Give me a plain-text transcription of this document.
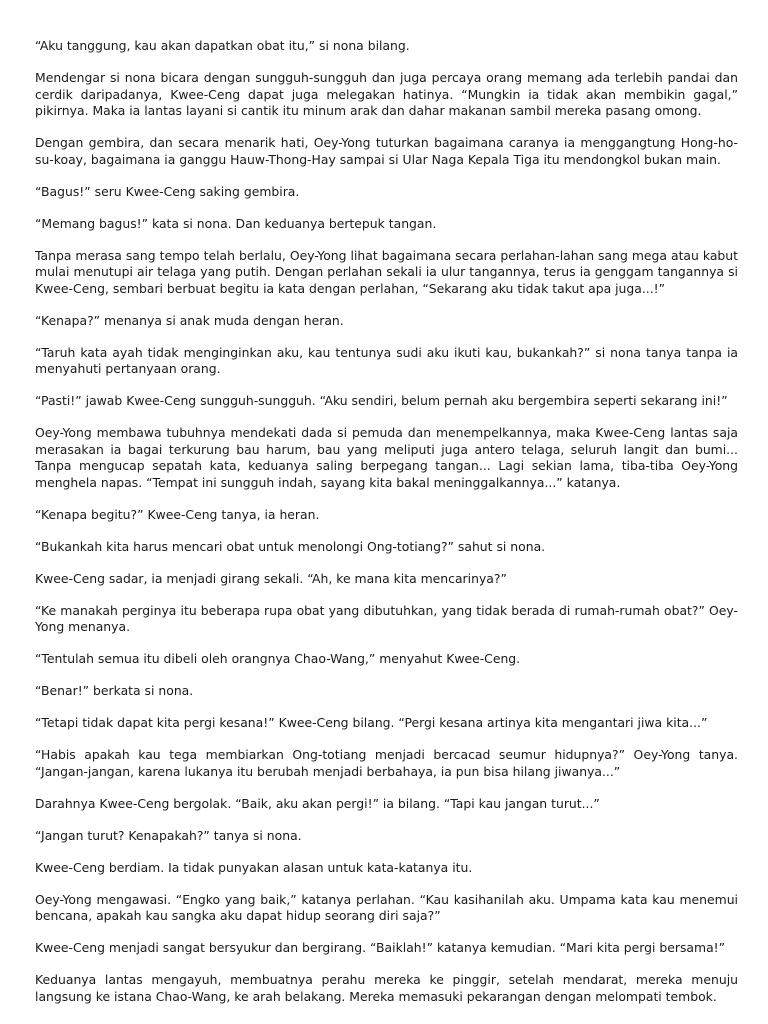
“Aku tanggung, kau akan dapatkan obat itu,” si nona bilang.

Mendengar si nona bicara dengan sungguh-sungguh dan juga percaya orang memang ada terlebih pandai dan cerdik daripadanya, Kwee-Ceng dapat juga melegakan hatinya. “Mungkin ia tidak akan membikin gagal,” pikirnya. Maka ia lantas layani si cantik itu minum arak dan dahar makanan sambil mereka pasang omong.

Dengan gembira, dan secara menarik hati, Oey-Yong tuturkan bagaimana caranya ia menggangtung Hong-ho-su-koay, bagaimana ia ganggu Hauw-Thong-Hay sampai si Ular Naga Kepala Tiga itu mendongkol bukan main.

“Bagus!” seru Kwee-Ceng saking gembira.

“Memang bagus!” kata si nona. Dan keduanya bertepuk tangan.

Tanpa merasa sang tempo telah berlalu, Oey-Yong lihat bagaimana secara perlahan-lahan sang mega atau kabut mulai menutupi air telaga yang putih. Dengan perlahan sekali ia ulur tangannya, terus ia genggam tangannya si Kwee-Ceng, sembari berbuat begitu ia kata dengan perlahan, “Sekarang aku tidak takut apa juga...!”

“Kenapa?” menanya si anak muda dengan heran.

“Taruh kata ayah tidak menginginkan aku, kau tentunya sudi aku ikuti kau, bukankah?” si nona tanya tanpa ia menyahuti pertanyaan orang.

“Pasti!” jawab Kwee-Ceng sungguh-sungguh. “Aku sendiri, belum pernah aku bergembira seperti sekarang ini!”

Oey-Yong membawa tubuhnya mendekati dada si pemuda dan menempelkannya, maka Kwee-Ceng lantas saja merasakan ia bagai terkurung bau harum, bau yang meliputi juga antero telaga, seluruh langit dan bumi... Tanpa mengucap sepatah kata, keduanya saling berpegang tangan... Lagi sekian lama, tiba-tiba Oey-Yong menghela napas. “Tempat ini sungguh indah, sayang kita bakal meninggalkannya...” katanya.

“Kenapa begitu?” Kwee-Ceng tanya, ia heran.

“Bukankah kita harus mencari obat untuk menolongi Ong-totiang?” sahut si nona.

Kwee-Ceng sadar, ia menjadi girang sekali. “Ah, ke mana kita mencarinya?”

“Ke manakah perginya itu beberapa rupa obat yang dibutuhkan, yang tidak berada di rumah-rumah obat?” Oey-Yong menanya.

“Tentulah semua itu dibeli oleh orangnya Chao-Wang,” menyahut Kwee-Ceng.

“Benar!” berkata si nona.

“Tetapi tidak dapat kita pergi kesana!” Kwee-Ceng bilang. “Pergi kesana artinya kita mengantari jiwa kita...”

“Habis apakah kau tega membiarkan Ong-totiang menjadi bercacad seumur hidupnya?” Oey-Yong tanya. “Jangan-jangan, karena lukanya itu berubah menjadi berbahaya, ia pun bisa hilang jiwanya...”

Darahnya Kwee-Ceng bergolak. “Baik, aku akan pergi!” ia bilang. “Tapi kau jangan turut...”

“Jangan turut? Kenapakah?” tanya si nona.

Kwee-Ceng berdiam. Ia tidak punyakan alasan untuk kata-katanya itu.

Oey-Yong mengawasi. “Engko yang baik,” katanya perlahan. “Kau kasihanilah aku. Umpama kata kau menemui bencana, apakah kau sangka aku dapat hidup seorang diri saja?”

Kwee-Ceng menjadi sangat bersyukur dan bergirang. “Baiklah!” katanya kemudian. “Mari kita pergi bersama!”

Keduanya lantas mengayuh, membuatnya perahu mereka ke pinggir, setelah mendarat, mereka menuju langsung ke istana Chao-Wang, ke arah belakang. Mereka memasuki pekarangan dengan melompati tembok.
